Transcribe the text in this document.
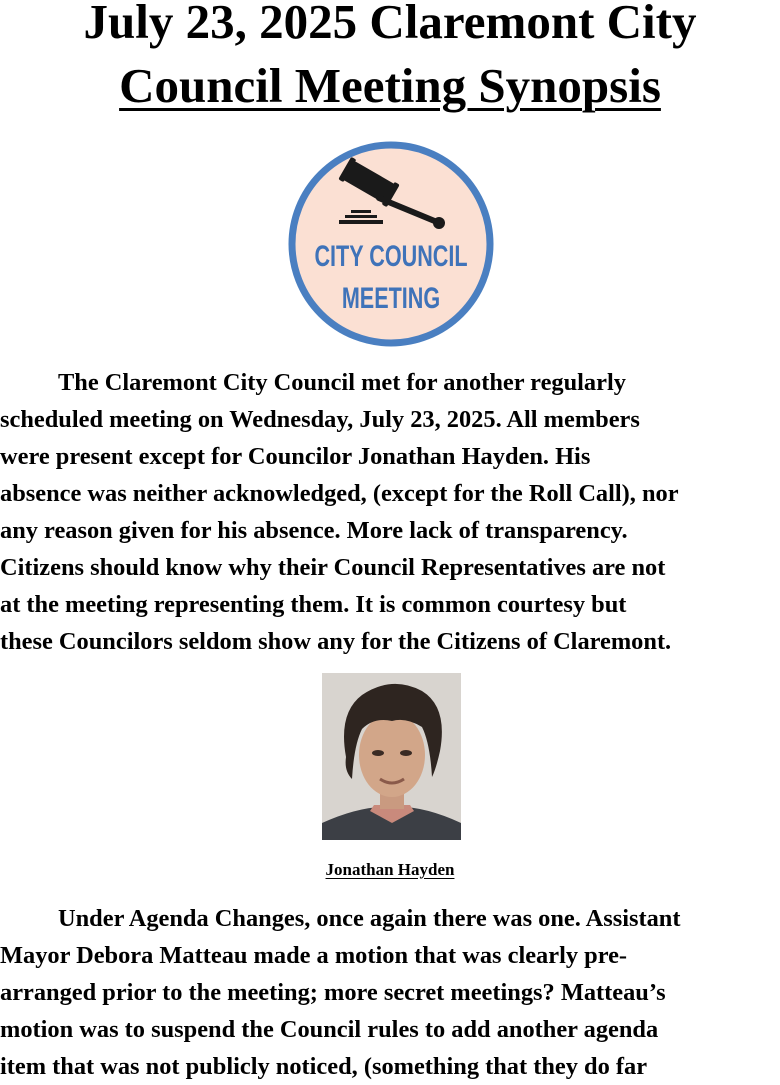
July 23, 2025 Claremont City
Council Meeting Synopsis
CITY COUNCIL
MEETING

The Claremont City Council met for another regularly
scheduled meeting on Wednesday, July 23, 2025. All members
were present except for Councilor Jonathan Hayden. His
absence was neither acknowledged, (except for the Roll Call), nor
any reason given for his absence. More lack of transparency.
Citizens should know why their Council Representatives are not
at the meeting representing them. It is common courtesy but
these Councilors seldom show any for the Citizens of Claremont.

Jonathan Hayden

Under Agenda Changes, once again there was one. Assistant
Mayor Debora Matteau made a motion that was clearly pre-
arranged prior to the meeting; more secret meetings? Matteau’s
motion was to suspend the Council rules to add another agenda
item that was not publicly noticed, (something that they do far
